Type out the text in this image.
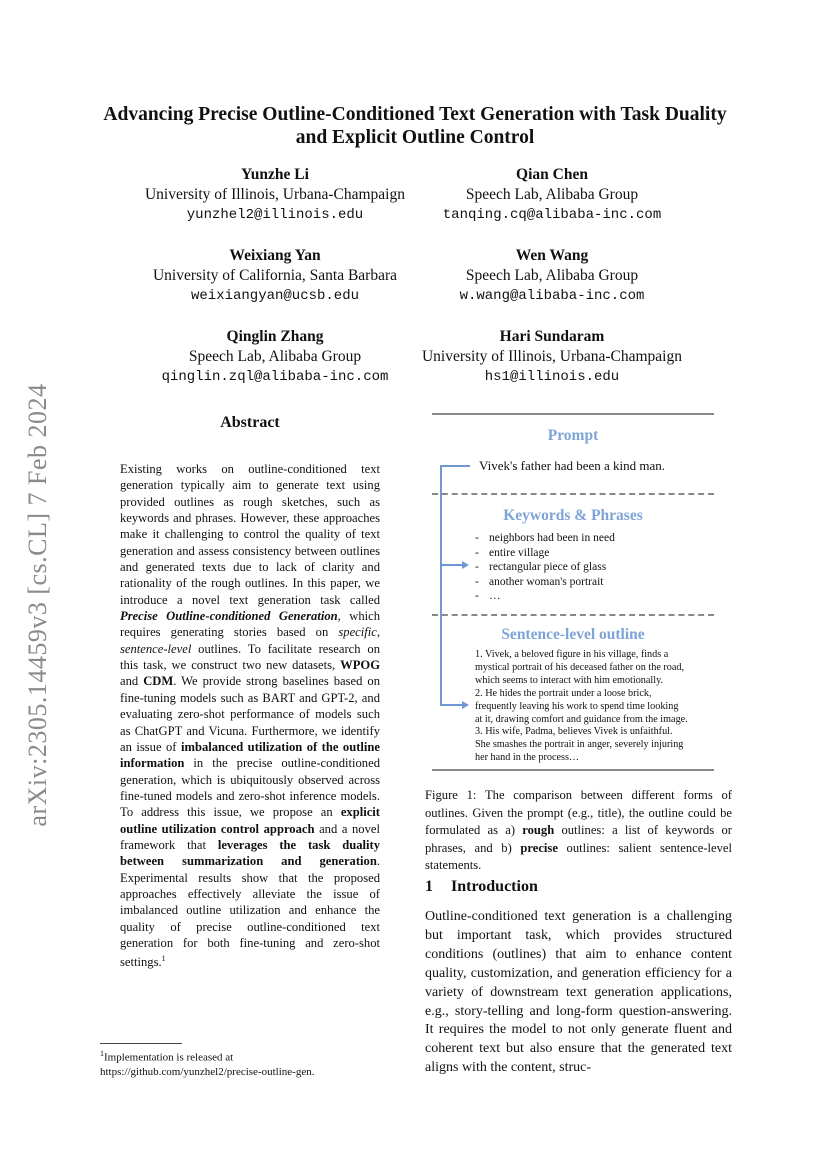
arXiv:2305.14459v3 [cs.CL] 7 Feb 2024
Advancing Precise Outline-Conditioned Text Generation with Task Duality and Explicit Outline Control
Yunzhe Li
University of Illinois, Urbana-Champaign
yunzhel2@illinois.edu
Qian Chen
Speech Lab, Alibaba Group
tanqing.cq@alibaba-inc.com
Weixiang Yan
University of California, Santa Barbara
weixiangyan@ucsb.edu
Wen Wang
Speech Lab, Alibaba Group
w.wang@alibaba-inc.com
Qinglin Zhang
Speech Lab, Alibaba Group
qinglin.zql@alibaba-inc.com
Hari Sundaram
University of Illinois, Urbana-Champaign
hs1@illinois.edu
Abstract
Existing works on outline-conditioned text generation typically aim to generate text using provided outlines as rough sketches, such as keywords and phrases. However, these approaches make it challenging to control the quality of text generation and assess consistency between outlines and generated texts due to lack of clarity and rationality of the rough outlines. In this paper, we introduce a novel text generation task called Precise Outline-conditioned Generation, which requires generating stories based on specific, sentence-level outlines. To facilitate research on this task, we construct two new datasets, WPOG and CDM. We provide strong baselines based on fine-tuning models such as BART and GPT-2, and evaluating zero-shot performance of models such as ChatGPT and Vicuna. Furthermore, we identify an issue of imbalanced utilization of the outline information in the precise outline-conditioned generation, which is ubiquitously observed across fine-tuned models and zero-shot inference models. To address this issue, we propose an explicit outline utilization control approach and a novel framework that leverages the task duality between summarization and generation. Experimental results show that the proposed approaches effectively alleviate the issue of imbalanced outline utilization and enhance the quality of precise outline-conditioned text generation for both fine-tuning and zero-shot settings.$^1$
$^1$Implementation is released at https://github.com/yunzhel2/precise-outline-gen.
Prompt
Vivek's father had been a kind man.
Keywords & Phrases
- neighbors had been in need
- entire village
- rectangular piece of glass
- another woman's portrait
- …
Sentence-level outline
1. Vivek, a beloved figure in his village, finds a
mystical portrait of his deceased father on the road,
which seems to interact with him emotionally.
2. He hides the portrait under a loose brick,
frequently leaving his work to spend time looking
at it, drawing comfort and guidance from the image.
3. His wife, Padma, believes Vivek is unfaithful.
She smashes the portrait in anger, severely injuring
her hand in the process…
Figure 1: The comparison between different forms of outlines. Given the prompt (e.g., title), the outline could be formulated as a) rough outlines: a list of keywords or phrases, and b) precise outlines: salient sentence-level statements.
1 Introduction
Outline-conditioned text generation is a challenging but important task, which provides structured conditions (outlines) that aim to enhance content quality, customization, and generation efficiency for a variety of downstream text generation applications, e.g., story-telling and long-form question-answering. It requires the model to not only generate fluent and coherent text but also ensure that the generated text aligns with the content, struc-
